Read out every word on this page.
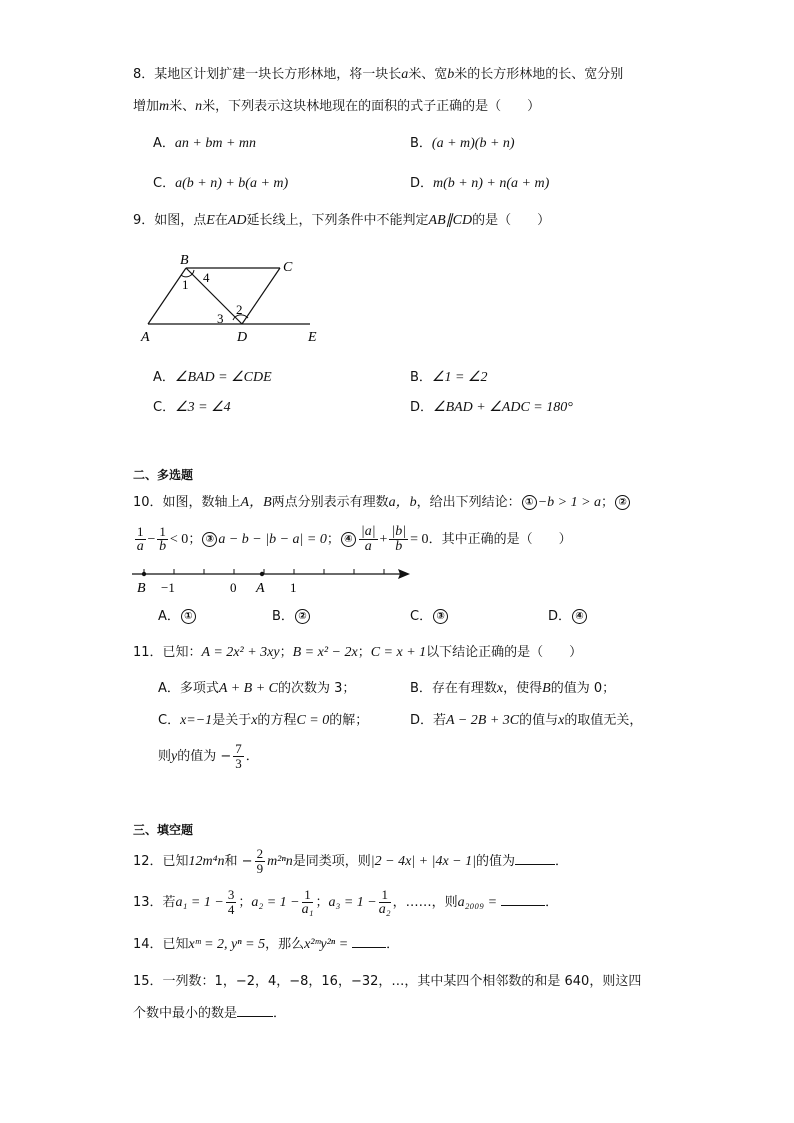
8．某地区计划扩建一块长方形林地，将一块长a米、宽b米的长方形林地的长、宽分别
增加m米、n米，下列表示这块林地现在的面积的式子正确的是（　　）
A．an + bm + mn	B．(a + m)(b + n)
C．a(b + n) + b(a + m)	D．m(b + n) + n(a + m)
9．如图，点E在AD延长线上，下列条件中不能判定AB∥CD的是（　　）
B	C
A	D	E
4
1
2
3
A．∠BAD = ∠CDE	B．∠1 = ∠2
C．∠3 = ∠4	D．∠BAD + ∠ADC = 180°
二、多选题
10．如图，数轴上A，B两点分别表示有理数a，b，给出下列结论： ① −b > 1 > a； ②
$\frac{1}{a} - \frac{1}{b} < 0$； ③ a − b − |b − a| = 0； ④ $\frac{|a|}{a} + \frac{|b|}{b} = 0$．其中正确的是（　　）
B −1	0 A 1
A． ①	B． ②	C． ③	D． ④
11．已知：A = 2x² + 3xy；B = x² − 2x；C = x + 1以下结论正确的是（　　）
A．多项式A + B + C的次数为 3；	B．存在有理数x，使得B的值为 0；
C．x=−1是关于x的方程C = 0的解；	D．若A − 2B + 3C的值与x的取值无关，
则y的值为 − $\frac{7}{3}$ ．
三、填空题
12．已知12m⁴n和 − $\frac{2}{9} m^{2n}n$是同类项，则|2 − 4x| + |4x − 1|的值为	．
13．若$a_1 = 1 - \frac{3}{4}$ ；$a_2 = 1 - \frac{1}{\text{a₁}}$ ；$a_3 = 1 - \frac{1}{\text{a₂}}$ ，……，则a₂₀₀₉ =	．
14．已知xᵐ = 2, yⁿ = 5，那么x²ᵐy²ⁿ =	．
15．一列数：1，−2，4，−8，16，−32，…，其中某四个相邻数的和是 640，则这四
个数中最小的数是	．
